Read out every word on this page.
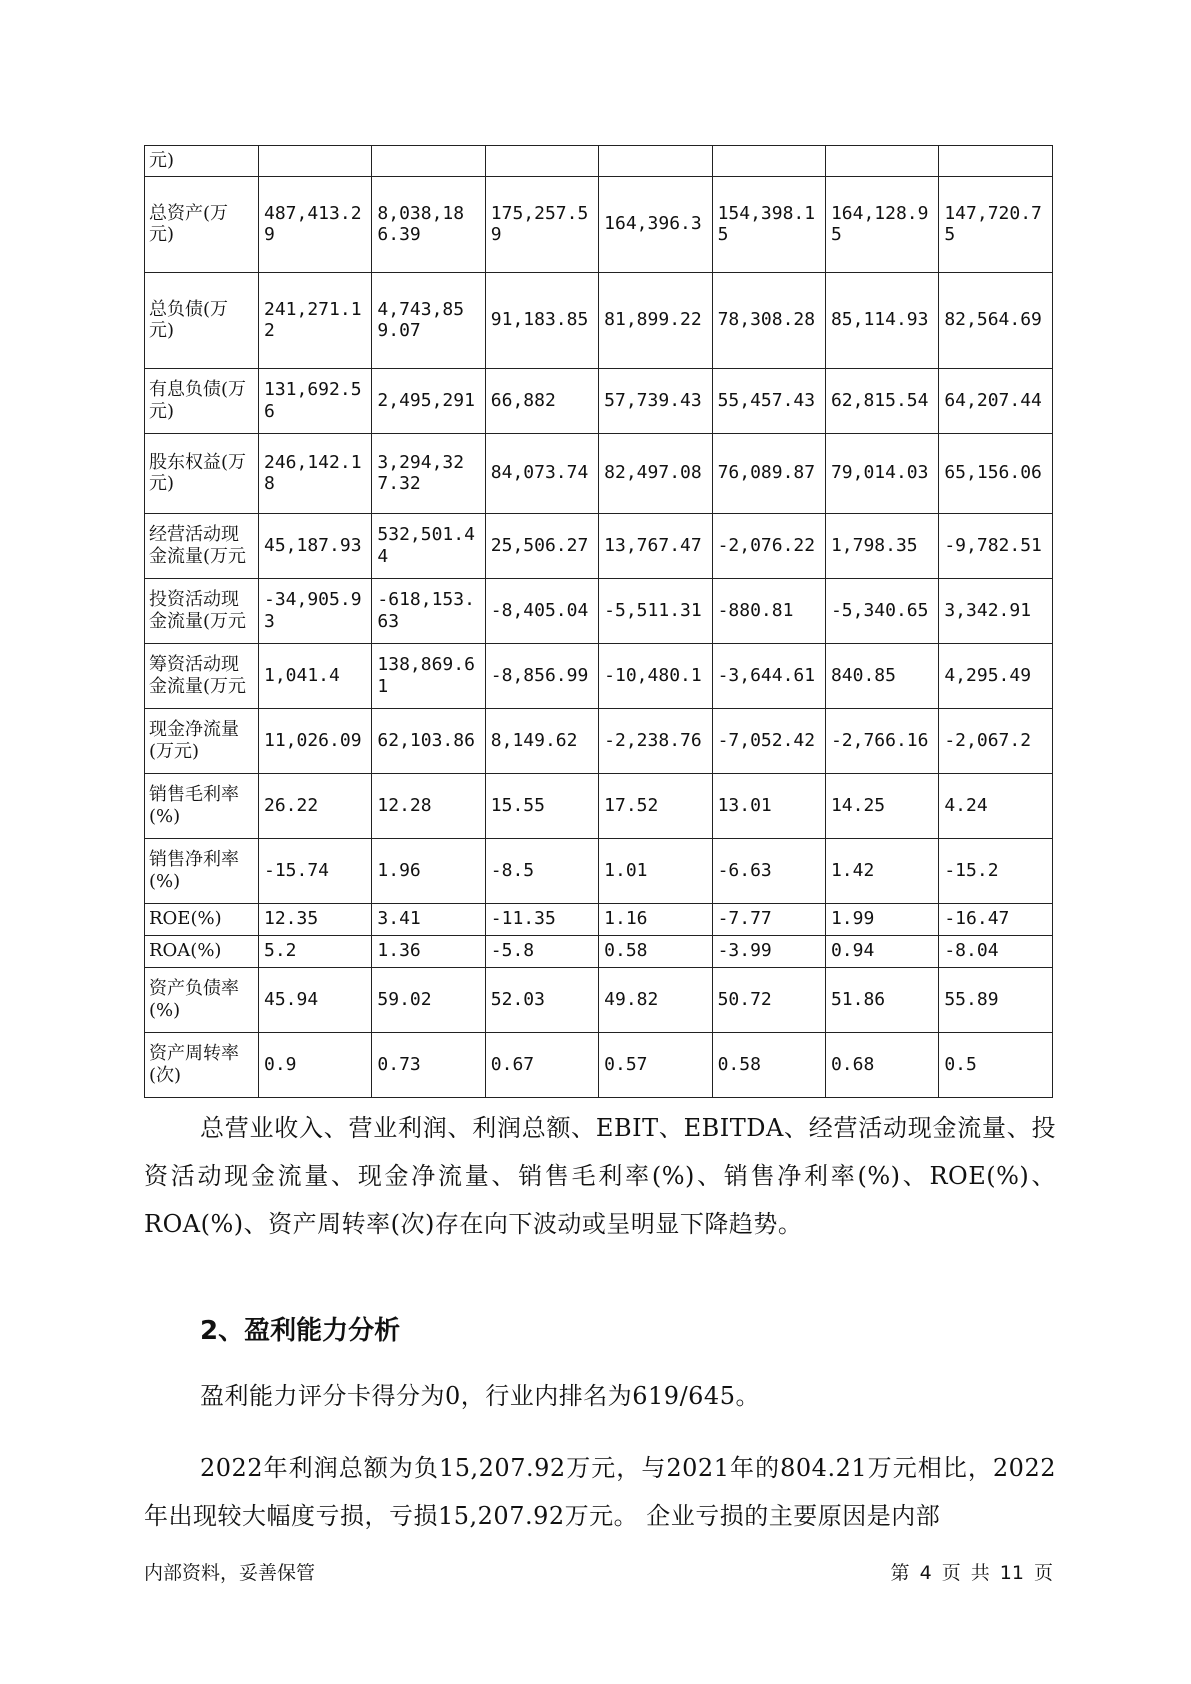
元)							
总资产(万元)	487,413.29	8,038,186.39	175,257.59	164,396.3	154,398.15	164,128.95	147,720.75
总负债(万元)	241,271.12	4,743,859.07	91,183.85	81,899.22	78,308.28	85,114.93	82,564.69
有息负债(万元)	131,692.56	2,495,291	66,882	57,739.43	55,457.43	62,815.54	64,207.44
股东权益(万元)	246,142.18	3,294,327.32	84,073.74	82,497.08	76,089.87	79,014.03	65,156.06
经营活动现金流量(万元	45,187.93	532,501.44	25,506.27	13,767.47	-2,076.22	1,798.35	-9,782.51
投资活动现金流量(万元	-34,905.93	-618,153.63	-8,405.04	-5,511.31	-880.81	-5,340.65	3,342.91
筹资活动现金流量(万元	1,041.4	138,869.61	-8,856.99	-10,480.1	-3,644.61	840.85	4,295.49
现金净流量(万元)	11,026.09	62,103.86	8,149.62	-2,238.76	-7,052.42	-2,766.16	-2,067.2
销售毛利率(%)	26.22	12.28	15.55	17.52	13.01	14.25	4.24
销售净利率(%)	-15.74	1.96	-8.5	1.01	-6.63	1.42	-15.2
ROE(%)	12.35	3.41	-11.35	1.16	-7.77	1.99	-16.47
ROA(%)	5.2	1.36	-5.8	0.58	-3.99	0.94	-8.04
资产负债率(%)	45.94	59.02	52.03	49.82	50.72	51.86	55.89
资产周转率(次)	0.9	0.73	0.67	0.57	0.58	0.68	0.5

总营业收入、营业利润、利润总额、EBIT、EBITDA、经营活动现金流量、投资活动现金流量、现金净流量、销售毛利率(%)、销售净利率(%)、ROE(%)、ROA(%)、资产周转率(次)存在向下波动或呈明显下降趋势。

2、盈利能力分析

盈利能力评分卡得分为0，行业内排名为619/645。

2022年利润总额为负15,207.92万元，与2021年的804.21万元相比，2022年出现较大幅度亏损，亏损15,207.92万元。 企业亏损的主要原因是内部

内部资料，妥善保管	第 4 页 共 11 页
